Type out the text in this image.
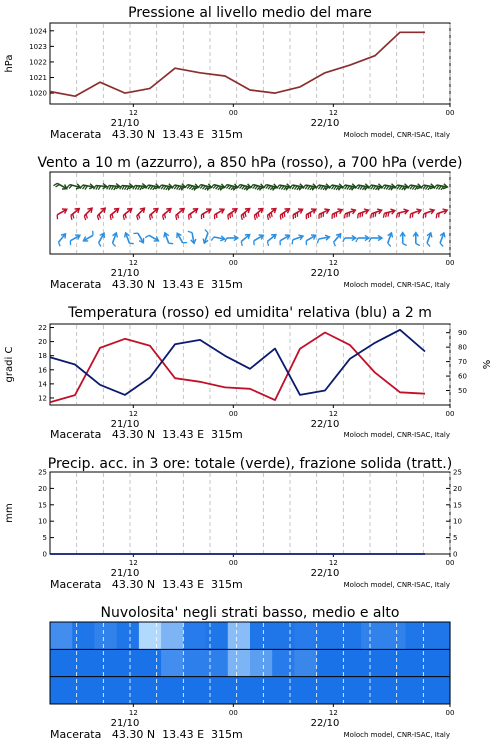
Pressione al livello medio del mare
12	00	12	00
21/10	22/10
1020
1021
1022
1023
1024
hPa
Macerata 43.30 N 13.43 E 315m	Moloch model, CNR-ISAC, Italy
Vento a 10 m (azzurro), a 850 hPa (rosso), a 700 hPa (verde)
12	00	12	00
21/10	22/10
Macerata 43.30 N 13.43 E 315m	Moloch model, CNR-ISAC, Italy
Temperatura (rosso) ed umidita' relativa (blu) a 2 m
12	00	12	00
21/10	22/10
12
14
16
18
20
22
50
60
70
80
90
gradi C	%
Macerata 43.30 N 13.43 E 315m	Moloch model, CNR-ISAC, Italy
Precip. acc. in 3 ore: totale (verde), frazione solida (tratt.)
12	00	12	00
21/10	22/10
0	0
5	5
10	10
15	15
20	20
25	25
mm
Macerata 43.30 N 13.43 E 315m	Moloch model, CNR-ISAC, Italy
Nuvolosita' negli strati basso, medio e alto
12	00	12	00
21/10	22/10
Macerata 43.30 N 13.43 E 315m	Moloch model, CNR-ISAC, Italy
